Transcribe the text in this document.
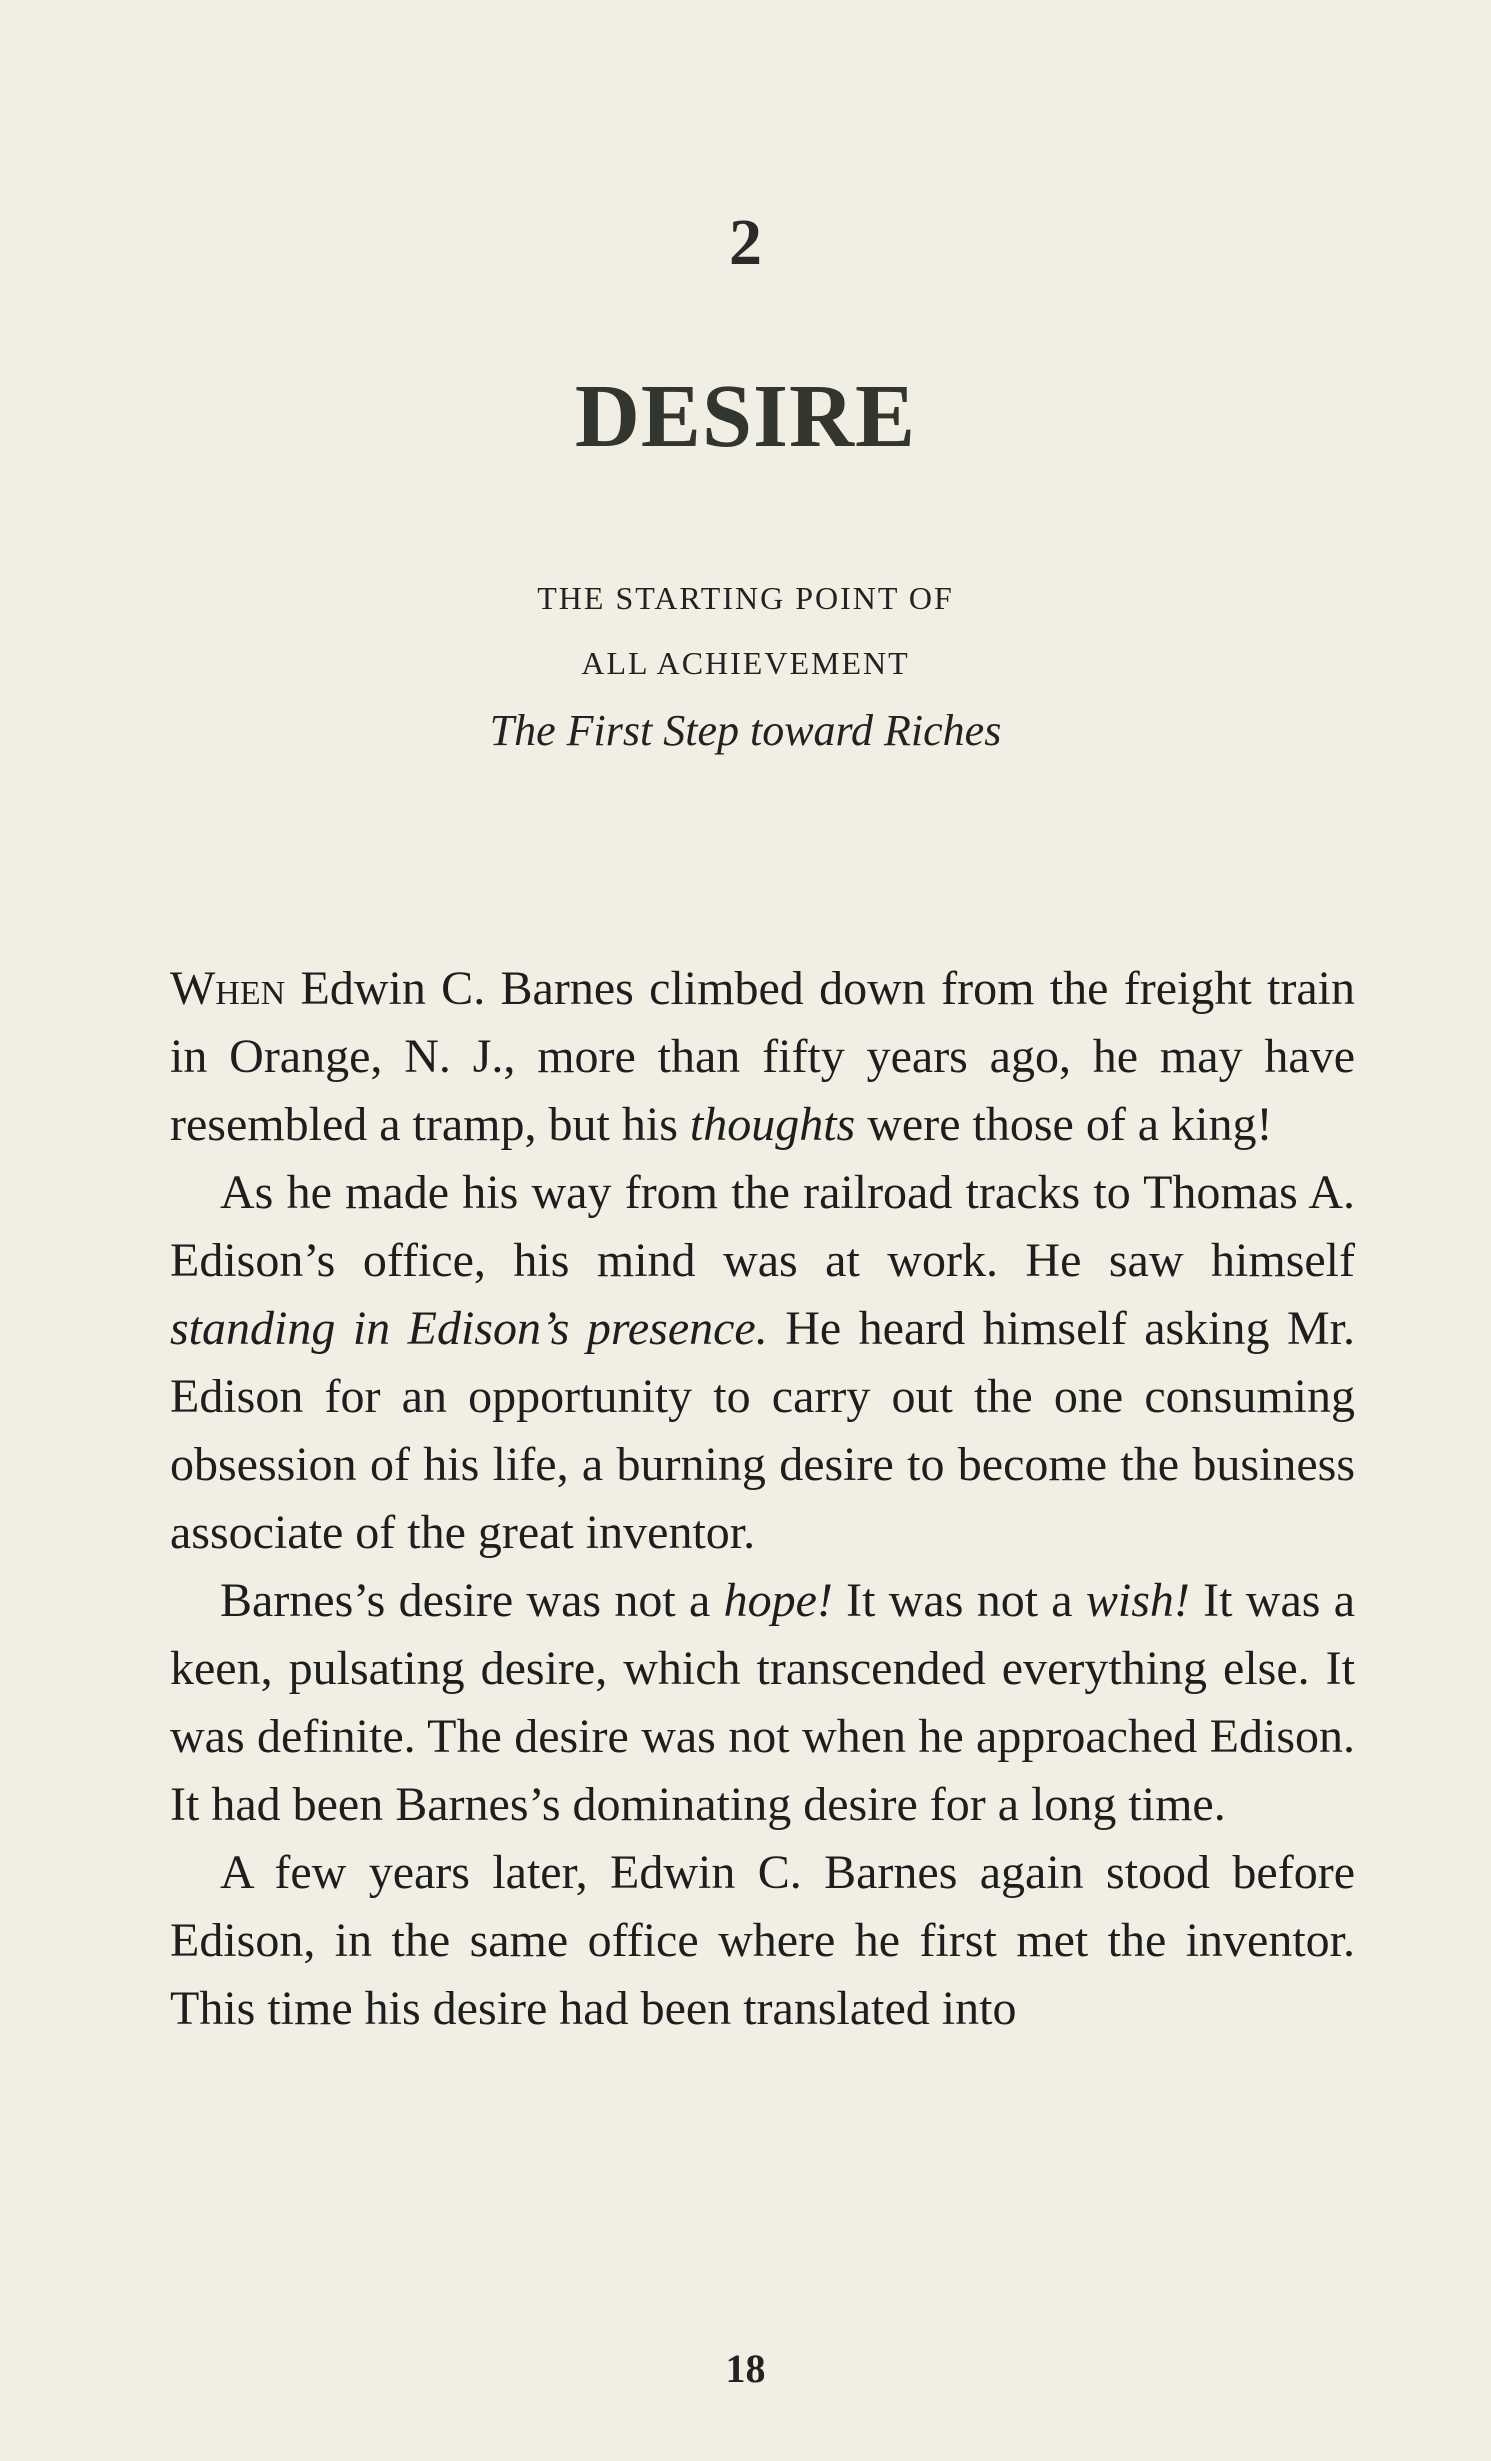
2
DESIRE
THE STARTING POINT OF
ALL ACHIEVEMENT
The First Step toward Riches

When Edwin C. Barnes climbed down from the freight train in Orange, N. J., more than fifty years ago, he may have resembled a tramp, but his thoughts were those of a king!

As he made his way from the railroad tracks to Thomas A. Edison’s office, his mind was at work. He saw himself standing in Edison’s presence. He heard himself asking Mr. Edison for an opportunity to carry out the one consuming obsession of his life, a burning desire to become the business associate of the great inventor.

Barnes’s desire was not a hope! It was not a wish! It was a keen, pulsating desire, which transcended everything else. It was definite. The desire was not when he approached Edison. It had been Barnes’s dominating desire for a long time.

A few years later, Edwin C. Barnes again stood before Edison, in the same office where he first met the inventor. This time his desire had been translated into

18
